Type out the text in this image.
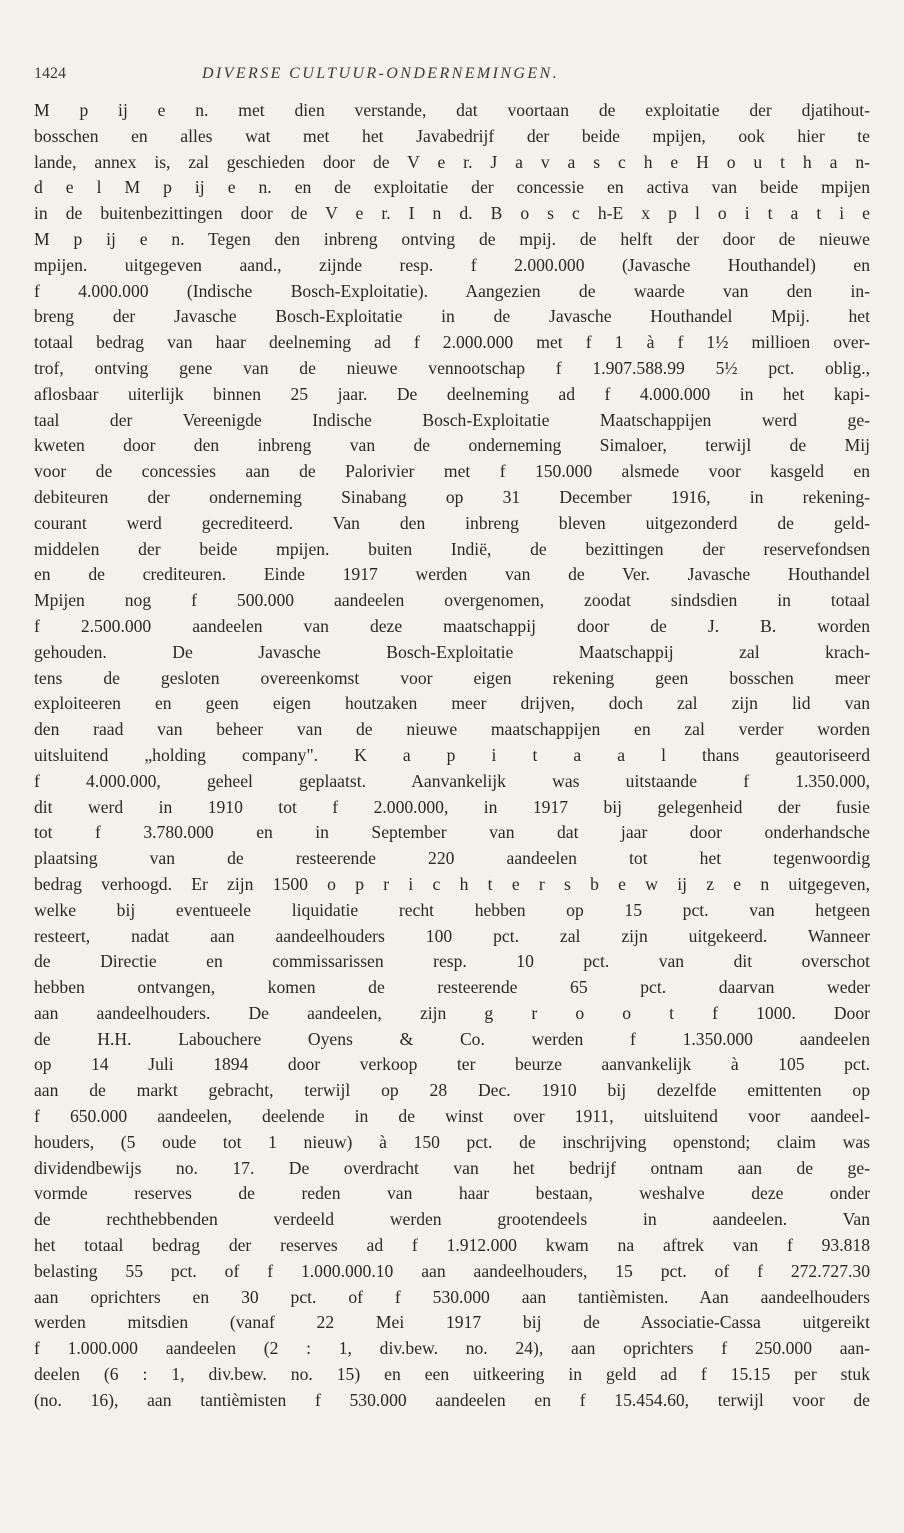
1424	DIVERSE CULTUUR-ONDERNEMINGEN.
M p ij e n. met dien verstande, dat voortaan de exploitatie der djatihout-
bosschen en alles wat met het Javabedrijf der beide mpijen, ook hier te
lande, annex is, zal geschieden door de V e r. J a v a s c h e H o u t h a n-
d e l M p ij e n. en de exploitatie der concessie en activa van beide mpijen
in de buitenbezittingen door de V e r. I n d. B o s c h-E x p l o i t a t i e
M p ij e n. Tegen den inbreng ontving de mpij. de helft der door de nieuwe
mpijen. uitgegeven aand., zijnde resp. f 2.000.000 (Javasche Houthandel) en
f 4.000.000 (Indische Bosch-Exploitatie). Aangezien de waarde van den in-
breng der Javasche Bosch-Exploitatie in de Javasche Houthandel Mpij. het
totaal bedrag van haar deelneming ad f 2.000.000 met f 1 à f 1½ millioen over-
trof, ontving gene van de nieuwe vennootschap f 1.907.588.99 5½ pct. oblig.,
aflosbaar uiterlijk binnen 25 jaar. De deelneming ad f 4.000.000 in het kapi-
taal der Vereenigde Indische Bosch-Exploitatie Maatschappijen werd ge-
kweten door den inbreng van de onderneming Simaloer, terwijl de Mij
voor de concessies aan de Palorivier met f 150.000 alsmede voor kasgeld en
debiteuren der onderneming Sinabang op 31 December 1916, in rekening-
courant werd gecrediteerd. Van den inbreng bleven uitgezonderd de geld-
middelen der beide mpijen. buiten Indië, de bezittingen der reservefondsen
en de crediteuren. Einde 1917 werden van de Ver. Javasche Houthandel
Mpijen nog f 500.000 aandeelen overgenomen, zoodat sindsdien in totaal
f 2.500.000 aandeelen van deze maatschappij door de J. B. worden
gehouden. De Javasche Bosch-Exploitatie Maatschappij zal krach-
tens de gesloten overeenkomst voor eigen rekening geen bosschen meer
exploiteeren en geen eigen houtzaken meer drijven, doch zal zijn lid van
den raad van beheer van de nieuwe maatschappijen en zal verder worden
uitsluitend „holding company". K a p i t a a l thans geautoriseerd
f 4.000.000, geheel geplaatst. Aanvankelijk was uitstaande f 1.350.000,
dit werd in 1910 tot f 2.000.000, in 1917 bij gelegenheid der fusie
tot f 3.780.000 en in September van dat jaar door onderhandsche
plaatsing van de resteerende 220 aandeelen tot het tegenwoordig
bedrag verhoogd. Er zijn 1500 o p r i c h t e r s b e w ij z e n uitgegeven,
welke bij eventueele liquidatie recht hebben op 15 pct. van hetgeen
resteert, nadat aan aandeelhouders 100 pct. zal zijn uitgekeerd. Wanneer
de Directie en commissarissen resp. 10 pct. van dit overschot
hebben ontvangen, komen de resteerende 65 pct. daarvan weder
aan aandeelhouders. De aandeelen, zijn g r o o t f 1000. Door
de H.H. Labouchere Oyens & Co. werden f 1.350.000 aandeelen
op 14 Juli 1894 door verkoop ter beurze aanvankelijk à 105 pct.
aan de markt gebracht, terwijl op 28 Dec. 1910 bij dezelfde emittenten op
f 650.000 aandeelen, deelende in de winst over 1911, uitsluitend voor aandeel-
houders, (5 oude tot 1 nieuw) à 150 pct. de inschrijving openstond; claim was
dividendbewijs no. 17. De overdracht van het bedrijf ontnam aan de ge-
vormde reserves de reden van haar bestaan, weshalve deze onder
de rechthebbenden verdeeld werden grootendeels in aandeelen. Van
het totaal bedrag der reserves ad f 1.912.000 kwam na aftrek van f 93.818
belasting 55 pct. of f 1.000.000.10 aan aandeelhouders, 15 pct. of f 272.727.30
aan oprichters en 30 pct. of f 530.000 aan tantièmisten. Aan aandeelhouders
werden mitsdien (vanaf 22 Mei 1917 bij de Associatie-Cassa uitgereikt
f 1.000.000 aandeelen (2 : 1, div.bew. no. 24), aan oprichters f 250.000 aan-
deelen (6 : 1, div.bew. no. 15) en een uitkeering in geld ad f 15.15 per stuk
(no. 16), aan tantièmisten f 530.000 aandeelen en f 15.454.60, terwijl voor de
